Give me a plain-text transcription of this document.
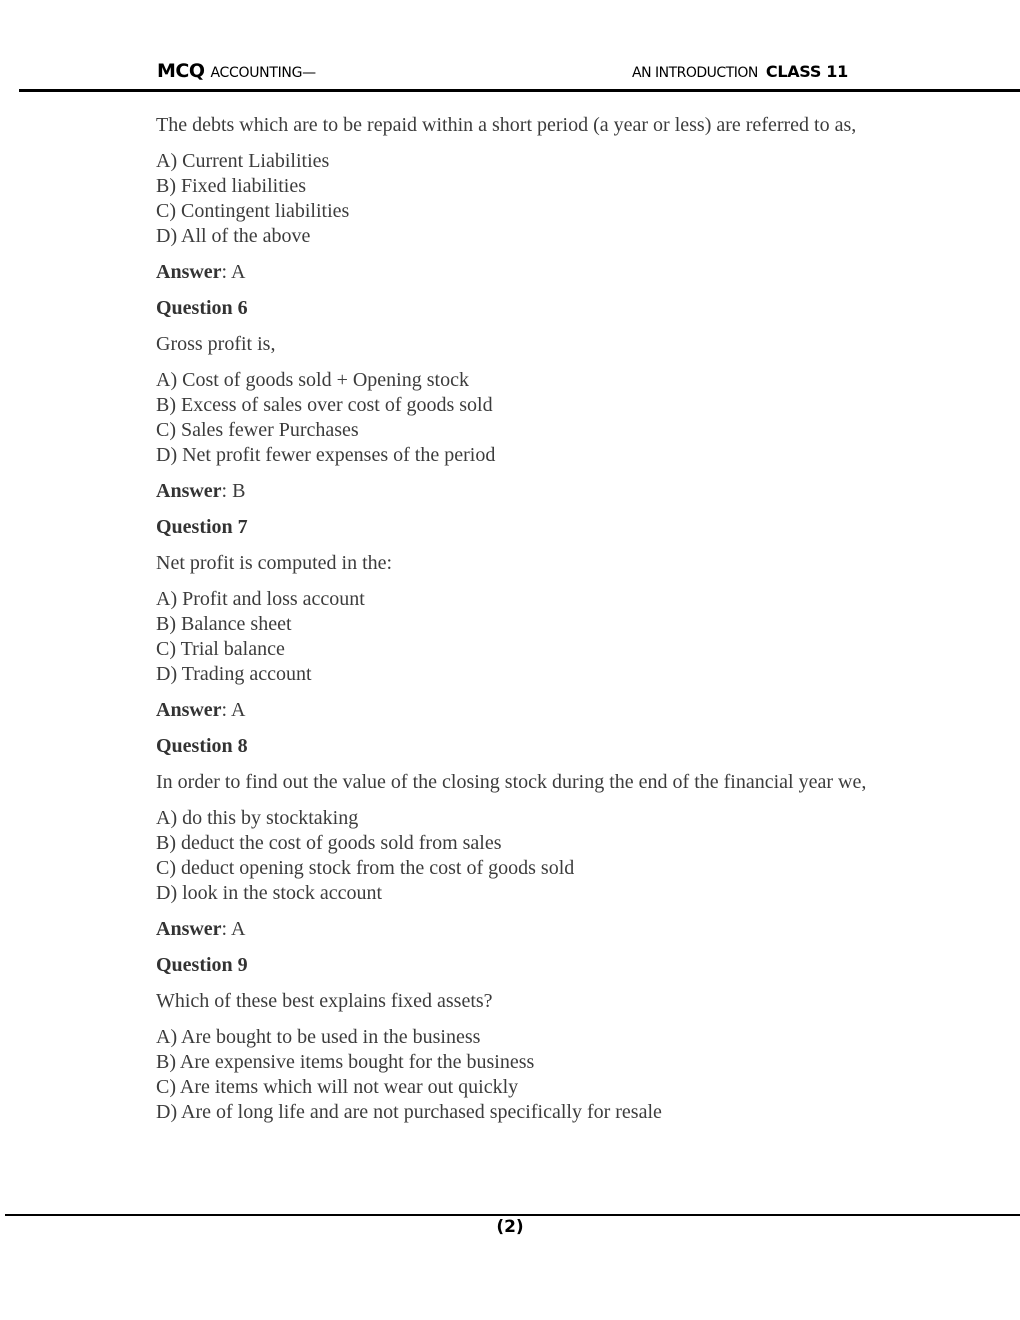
MCQ ACCOUNTING—	AN INTRODUCTION CLASS 11

The debts which are to be repaid within a short period (a year or less) are referred to as,

A) Current Liabilities
B) Fixed liabilities
C) Contingent liabilities
D) All of the above

Answer: A

Question 6

Gross profit is,

A) Cost of goods sold + Opening stock
B) Excess of sales over cost of goods sold
C) Sales fewer Purchases
D) Net profit fewer expenses of the period

Answer: B

Question 7

Net profit is computed in the:

A) Profit and loss account
B) Balance sheet
C) Trial balance
D) Trading account

Answer: A

Question 8

In order to find out the value of the closing stock during the end of the financial year we,

A) do this by stocktaking
B) deduct the cost of goods sold from sales
C) deduct opening stock from the cost of goods sold
D) look in the stock account

Answer: A

Question 9

Which of these best explains fixed assets?

A) Are bought to be used in the business
B) Are expensive items bought for the business
C) Are items which will not wear out quickly
D) Are of long life and are not purchased specifically for resale
(2)
